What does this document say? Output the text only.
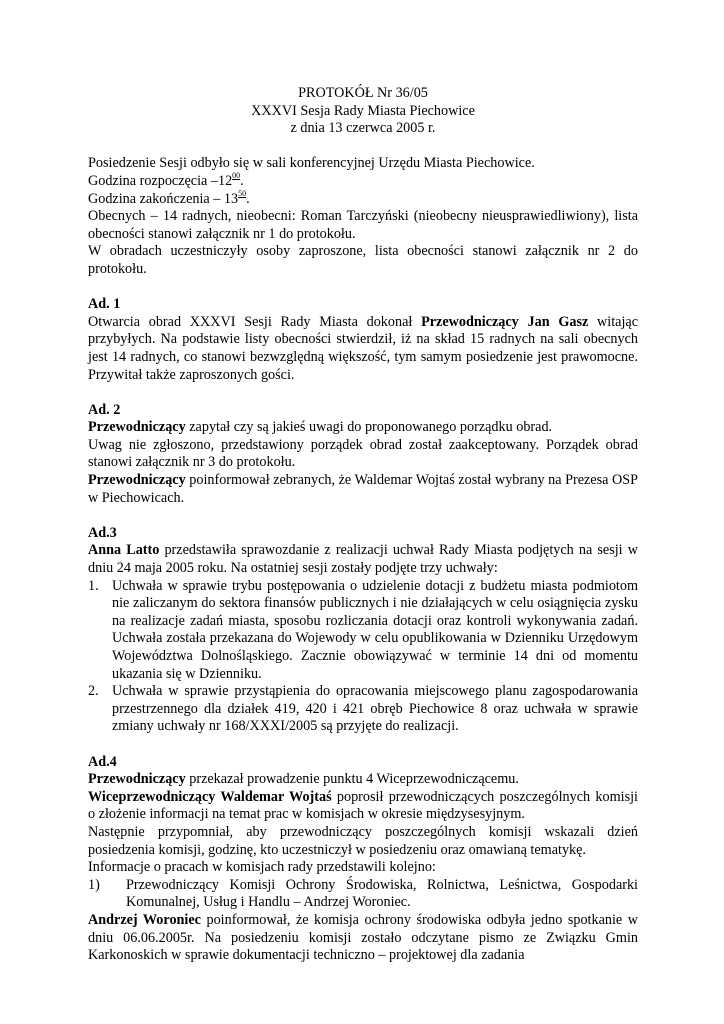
PROTOKÓŁ Nr 36/05
XXXVI Sesja Rady Miasta Piechowice
z dnia 13 czerwca 2005 r.
Posiedzenie Sesji odbyło się w sali konferencyjnej Urzędu Miasta Piechowice.
Godzina rozpoczęcia $-12^{00}$.
Godzina zakończenia – $13^{50}$.
Obecnych – 14 radnych, nieobecni: Roman Tarczyński (nieobecny nieusprawiedliwiony), lista obecności stanowi załącznik nr 1 do protokołu.
W obradach uczestniczyły osoby zaproszone, lista obecności stanowi załącznik nr 2 do protokołu.
Ad. 1
Otwarcia obrad XXXVI Sesji Rady Miasta dokonał Przewodniczący Jan Gasz witając przybyłych. Na podstawie listy obecności stwierdził, iż na skład 15 radnych na sali obecnych jest 14 radnych, co stanowi bezwzględną większość, tym samym posiedzenie jest prawomocne. Przywitał także zaproszonych gości.
Ad. 2
Przewodniczący zapytał czy są jakieś uwagi do proponowanego porządku obrad.
Uwag nie zgłoszono, przedstawiony porządek obrad został zaakceptowany. Porządek obrad stanowi załącznik nr 3 do protokołu.
Przewodniczący poinformował zebranych, że Waldemar Wojtaś został wybrany na Prezesa OSP w Piechowicach.
Ad.3
Anna Latto przedstawiła sprawozdanie z realizacji uchwał Rady Miasta podjętych na sesji w dniu 24 maja 2005 roku. Na ostatniej sesji zostały podjęte trzy uchwały:
1. Uchwała w sprawie trybu postępowania o udzielenie dotacji z budżetu miasta podmiotom nie zaliczanym do sektora finansów publicznych i nie działających w celu osiągnięcia zysku na realizacje zadań miasta, sposobu rozliczania dotacji oraz kontroli wykonywania zadań. Uchwała została przekazana do Wojewody w celu opublikowania w Dzienniku Urzędowym Województwa Dolnośląskiego. Zacznie obowiązywać w terminie 14 dni od momentu ukazania się w Dzienniku.
2. Uchwała w sprawie przystąpienia do opracowania miejscowego planu zagospodarowania przestrzennego dla działek 419, 420 i 421 obręb Piechowice 8 oraz uchwała w sprawie zmiany uchwały nr 168/XXXI/2005 są przyjęte do realizacji.
Ad.4
Przewodniczący przekazał prowadzenie punktu 4 Wiceprzewodniczącemu.
Wiceprzewodniczący Waldemar Wojtaś poprosił przewodniczących poszczególnych komisji o złożenie informacji na temat prac w komisjach w okresie międzysesyjnym.
Następnie przypomniał, aby przewodniczący poszczególnych komisji wskazali dzień posiedzenia komisji, godzinę, kto uczestniczył w posiedzeniu oraz omawianą tematykę.
Informacje o pracach w komisjach rady przedstawili kolejno:
1)	Przewodniczący Komisji Ochrony Środowiska, Rolnictwa, Leśnictwa, Gospodarki Komunalnej, Usług i Handlu – Andrzej Woroniec.
Andrzej Woroniec poinformował, że komisja ochrony środowiska odbyła jedno spotkanie w dniu 06.06.2005r. Na posiedzeniu komisji zostało odczytane pismo ze Związku Gmin Karkonoskich w sprawie dokumentacji techniczno – projektowej dla zadania
